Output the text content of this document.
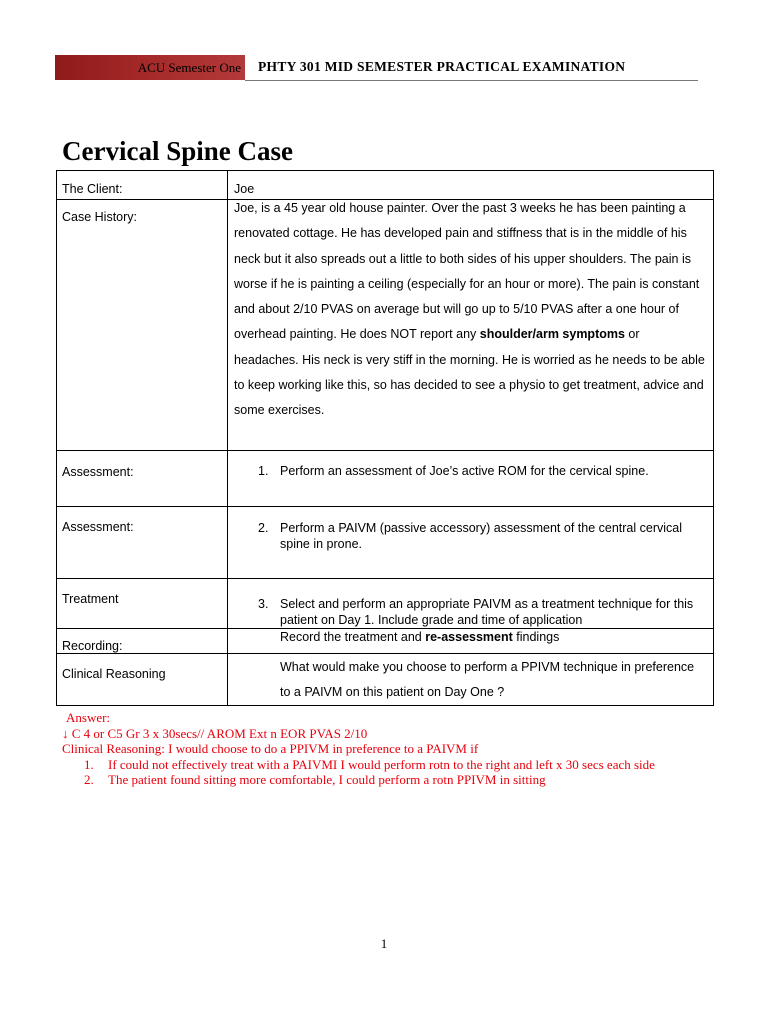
ACU Semester One PHTY 301 MID SEMESTER PRACTICAL EXAMINATION
Cervical Spine Case
The Client:	Joe

Case History:	Joe, is a 45 year old house painter. Over the past 3 weeks he has been painting a renovated cottage. He has developed pain and stiffness that is in the middle of his neck but it also spreads out a little to both sides of his upper shoulders. The pain is worse if he is painting a ceiling (especially for an hour or more). The pain is constant and about 2/10 PVAS on average but will go up to 5/10 PVAS after a one hour of overhead painting. He does NOT report any shoulder/arm symptoms or headaches. His neck is very stiff in the morning. He is worried as he needs to be able to keep working like this, so has decided to see a physio to get treatment, advice and some exercises.

Assessment:	1. Perform an assessment of Joe’s active ROM for the cervical spine.

Assessment:	2. Perform a PAIVM (passive accessory) assessment of the central cervical spine in prone.

Treatment	3. Select and perform an appropriate PAIVM as a treatment technique for this patient on Day 1. Include grade and time of application

Recording:	Record the treatment and re-assessment findings

Clinical Reasoning	What would make you choose to perform a PPIVM technique in preference to a PAIVM on this patient on Day One ?
Answer:
↓ C 4 or C5 Gr 3 x 30secs// AROM Ext n EOR PVAS 2/10
Clinical Reasoning: I would choose to do a PPIVM in preference to a PAIVM if
1. If could not effectively treat with a PAIVMI I would perform rotn to the right and left x 30 secs each side
2. The patient found sitting more comfortable, I could perform a rotn PPIVM in sitting
1
